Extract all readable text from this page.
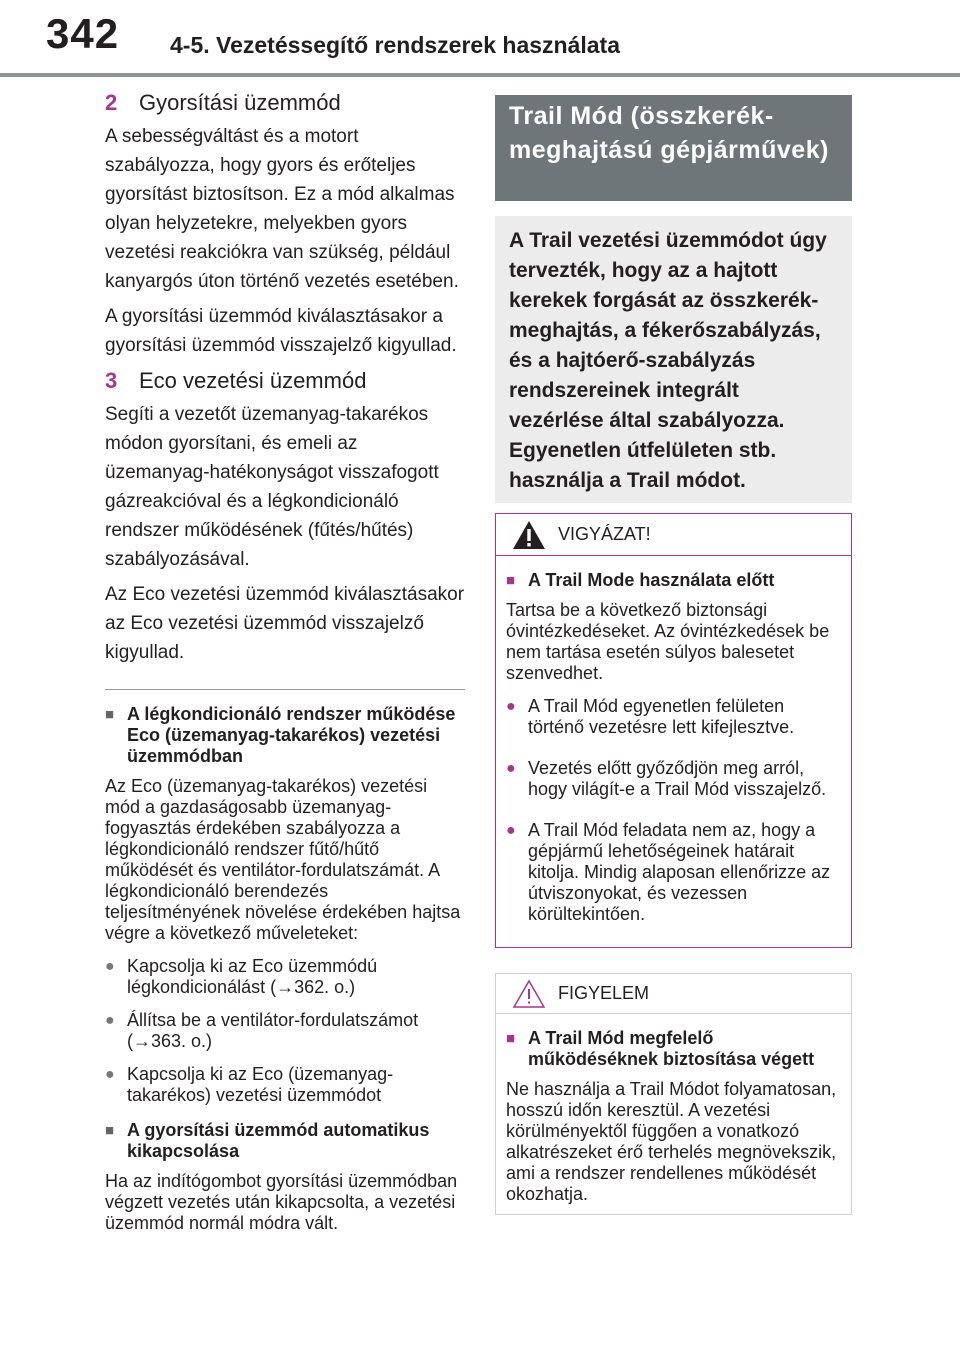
342 4-5. Vezetéssegítő rendszerek használata
2 Gyorsítási üzemmód

A sebességváltást és a motort szabályozza, hogy gyors és erőteljes gyorsítást biztosítson. Ez a mód alkalmas olyan helyzetekre, melyekben gyors vezetési reakciókra van szükség, például kanyargós úton történő vezetés esetében.

A gyorsítási üzemmód kiválasztásakor a gyorsítási üzemmód visszajelző kigyullad.

3 Eco vezetési üzemmód

Segíti a vezetőt üzemanyag-takarékos módon gyorsítani, és emeli az üzemanyag-hatékonyságot visszafogott gázreakcióval és a légkondicionáló rendszer működésének (fűtés/hűtés) szabályozásával.

Az Eco vezetési üzemmód kiválasztásakor az Eco vezetési üzemmód visszajelző kigyullad.

■ A légkondicionáló rendszer működése Eco (üzemanyag-takarékos) vezetési üzemmódban

Az Eco (üzemanyag-takarékos) vezetési mód a gazdaságosabb üzemanyag-fogyasztás érdekében szabályozza a légkondicionáló rendszer fűtő/hűtő működését és ventilátor-fordulatszámát. A légkondicionáló berendezés teljesítményének növelése érdekében hajtsa végre a következő műveleteket:

● Kapcsolja ki az Eco üzemmódú légkondicionálást (→362. o.)
● Állítsa be a ventilátor-fordulatszámot (→363. o.)
● Kapcsolja ki az Eco (üzemanyag-takarékos) vezetési üzemmódot
■ A gyorsítási üzemmód automatikus kikapcsolása

Ha az indítógombot gyorsítási üzemmódban végzett vezetés után kikapcsolta, a vezetési üzemmód normál módra vált.

Trail Mód (összkerék-meghajtású gépjárművek)
A Trail vezetési üzemmódot úgy tervezték, hogy az a hajtott kerekek forgását az összkerék-meghajtás, a fékerőszabályzás, és a hajtóerő-szabályzás rendszereinek integrált vezérlése által szabályozza. Egyenetlen útfelületen stb. használja a Trail módot.
VIGYÁZAT!
■ A Trail Mode használata előtt

Tartsa be a következő biztonsági óvintézkedéseket. Az óvintézkedések be nem tartása esetén súlyos balesetet szenvedhet.

● A Trail Mód egyenetlen felületen történő vezetésre lett kifejlesztve.
● Vezetés előtt győződjön meg arról, hogy világít-e a Trail Mód visszajelző.
● A Trail Mód feladata nem az, hogy a gépjármű lehetőségeinek határait kitolja. Mindig alaposan ellenőrizze az útviszonyokat, és vezessen körültekintően.
FIGYELEM
■ A Trail Mód megfelelő működéséknek biztosítása végett

Ne használja a Trail Módot folyamatosan, hosszú időn keresztül. A vezetési körülményektől függően a vonatkozó alkatrészeket érő terhelés megnövekszik, ami a rendszer rendellenes működését okozhatja.
